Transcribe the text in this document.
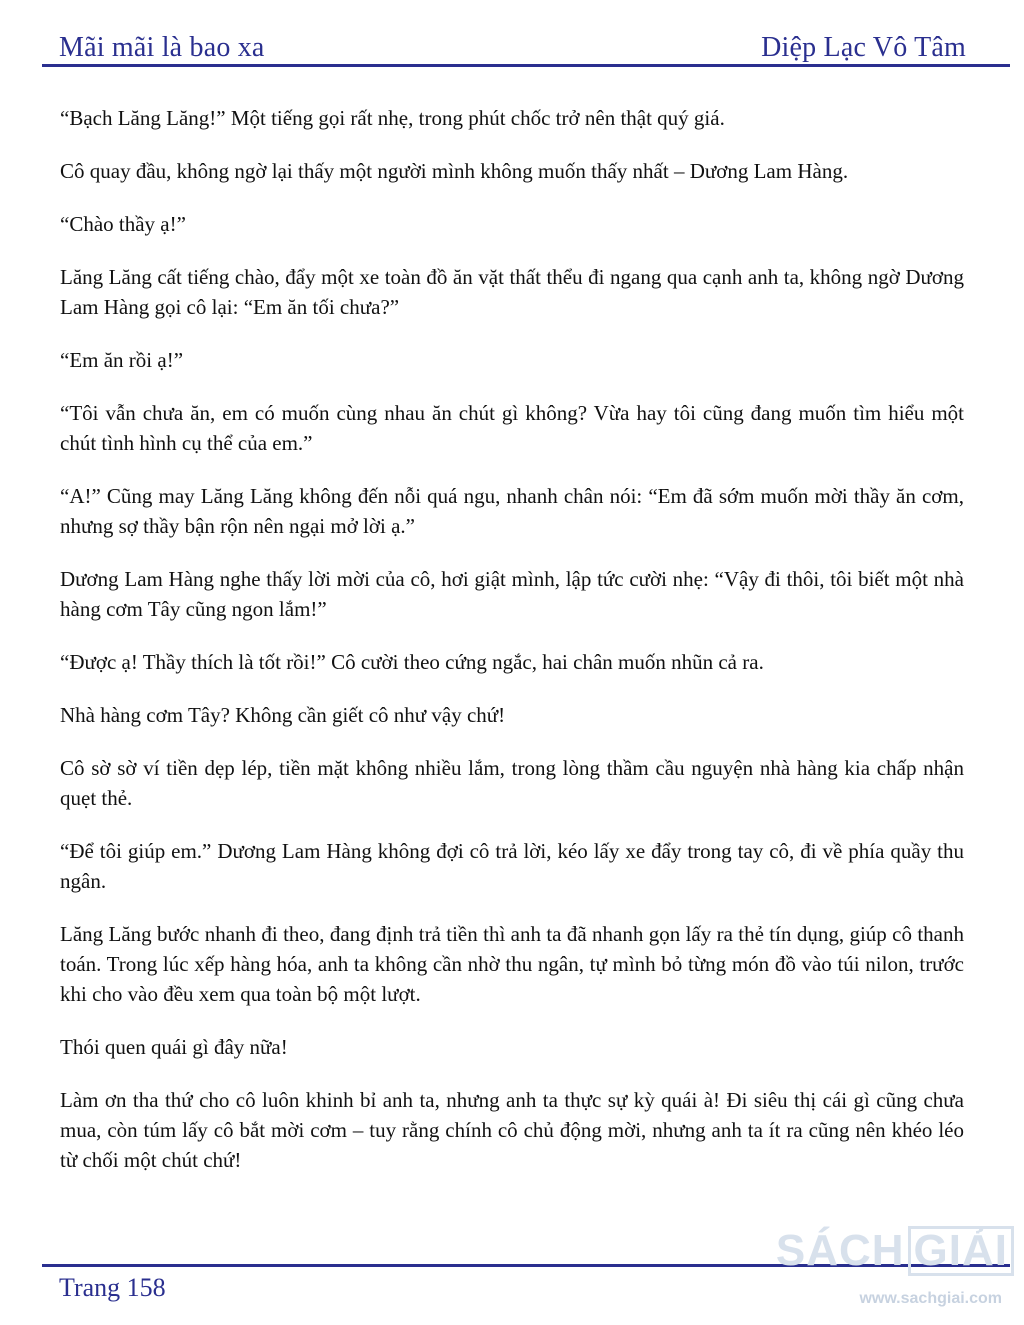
Mãi mãi là bao xa	Diệp Lạc Vô Tâm

“Bạch Lăng Lăng!” Một tiếng gọi rất nhẹ, trong phút chốc trở nên thật quý giá.

Cô quay đầu, không ngờ lại thấy một người mình không muốn thấy nhất – Dương Lam Hàng.

“Chào thầy ạ!”

Lăng Lăng cất tiếng chào, đẩy một xe toàn đồ ăn vặt thất thểu đi ngang qua cạnh anh ta, không ngờ Dương Lam Hàng gọi cô lại: “Em ăn tối chưa?”

“Em ăn rồi ạ!”

“Tôi vẫn chưa ăn, em có muốn cùng nhau ăn chút gì không? Vừa hay tôi cũng đang muốn tìm hiểu một chút tình hình cụ thể của em.”

“A!” Cũng may Lăng Lăng không đến nỗi quá ngu, nhanh chân nói: “Em đã sớm muốn mời thầy ăn cơm, nhưng sợ thầy bận rộn nên ngại mở lời ạ.”

Dương Lam Hàng nghe thấy lời mời của cô, hơi giật mình, lập tức cười nhẹ: “Vậy đi thôi, tôi biết một nhà hàng cơm Tây cũng ngon lắm!”

“Được ạ! Thầy thích là tốt rồi!” Cô cười theo cứng ngắc, hai chân muốn nhũn cả ra.

Nhà hàng cơm Tây? Không cần giết cô như vậy chứ!

Cô sờ sờ ví tiền dẹp lép, tiền mặt không nhiều lắm, trong lòng thầm cầu nguyện nhà hàng kia chấp nhận quẹt thẻ.

“Để tôi giúp em.” Dương Lam Hàng không đợi cô trả lời, kéo lấy xe đẩy trong tay cô, đi về phía quầy thu ngân.

Lăng Lăng bước nhanh đi theo, đang định trả tiền thì anh ta đã nhanh gọn lấy ra thẻ tín dụng, giúp cô thanh toán. Trong lúc xếp hàng hóa, anh ta không cần nhờ thu ngân, tự mình bỏ từng món đồ vào túi nilon, trước khi cho vào đều xem qua toàn bộ một lượt.

Thói quen quái gì đây nữa!

Làm ơn tha thứ cho cô luôn khinh bỉ anh ta, nhưng anh ta thực sự kỳ quái à! Đi siêu thị cái gì cũng chưa mua, còn túm lấy cô bắt mời cơm – tuy rằng chính cô chủ động mời, nhưng anh ta ít ra cũng nên khéo léo từ chối một chút chứ!

Trang 158
SÁCH GIẢI
www.sachgiai.com
